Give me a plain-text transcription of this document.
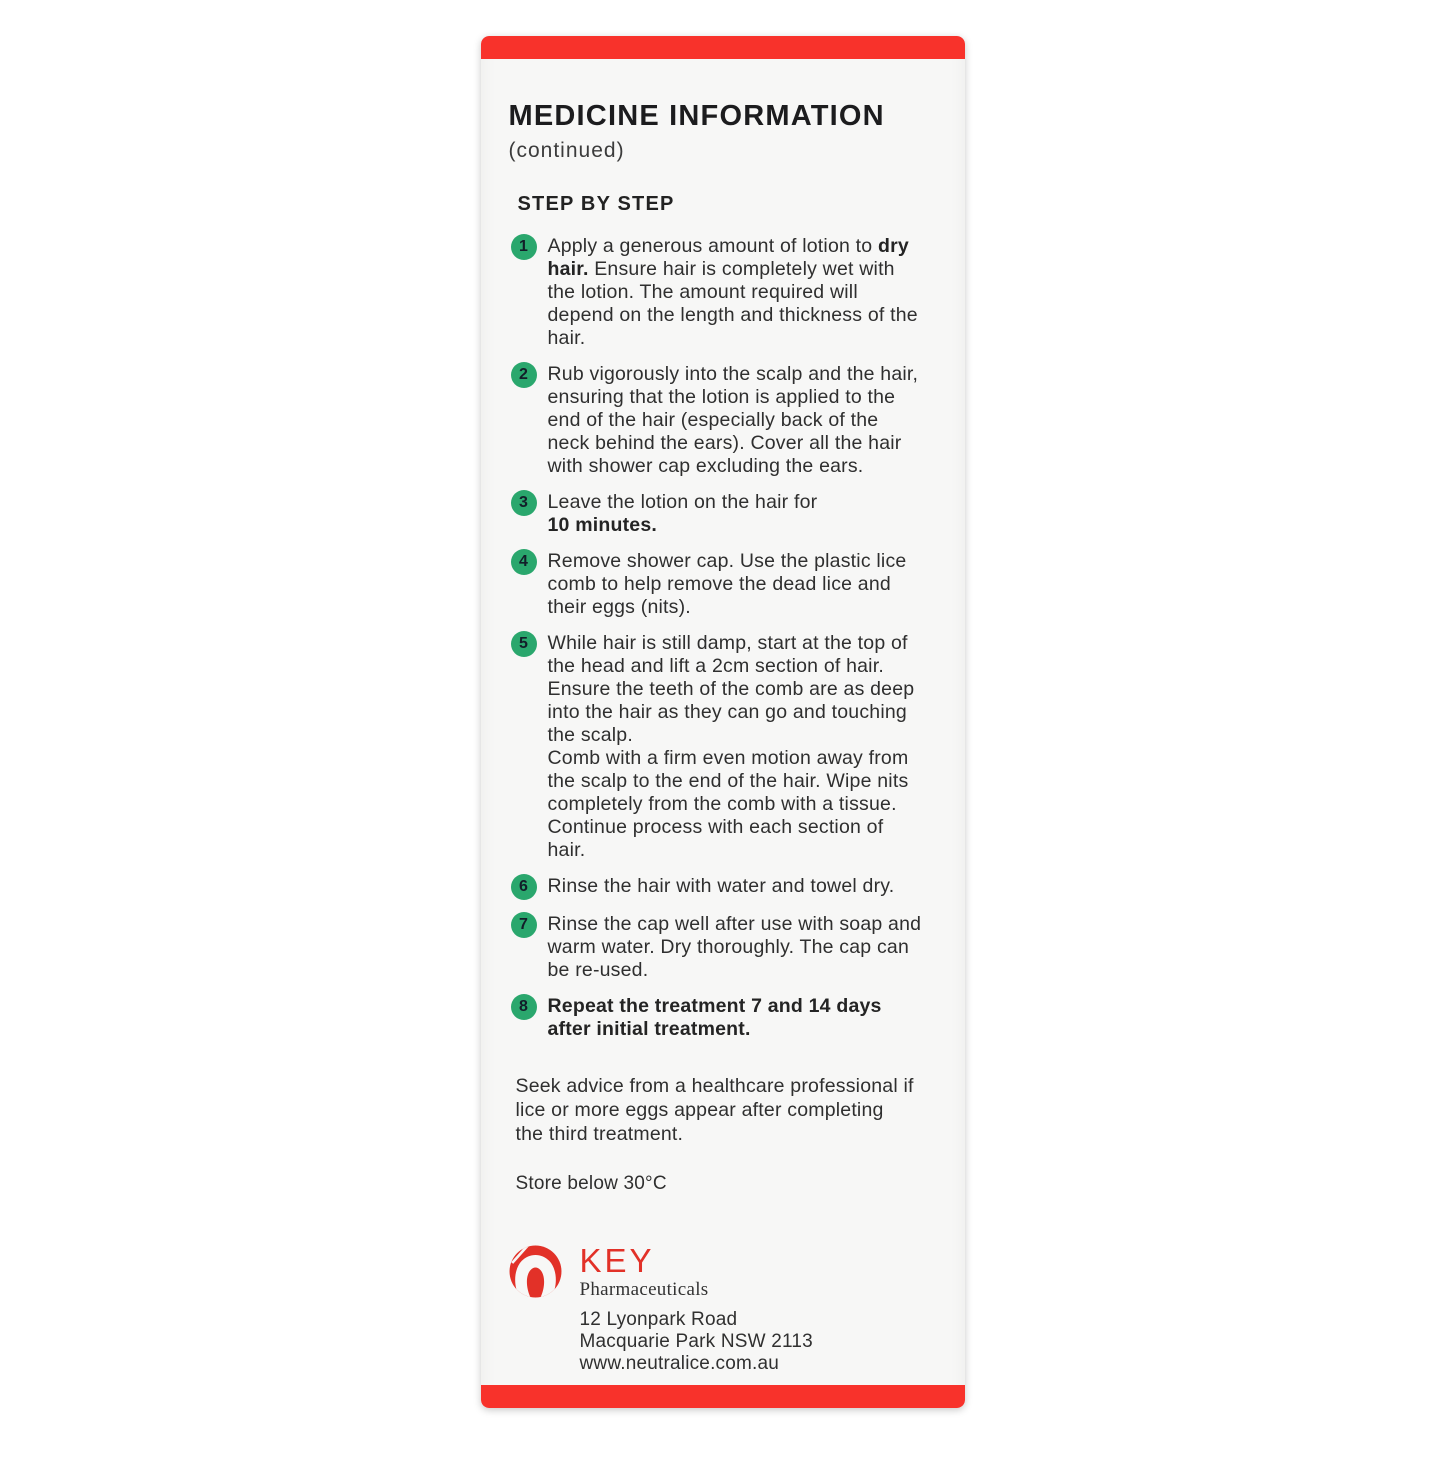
MEDICINE INFORMATION
(continued)
STEP BY STEP
1 Apply a generous amount of lotion to dry hair. Ensure hair is completely wet with the lotion. The amount required will depend on the length and thickness of the hair.
2 Rub vigorously into the scalp and the hair, ensuring that the lotion is applied to the end of the hair (especially back of the neck behind the ears). Cover all the hair with shower cap excluding the ears.
3 Leave the lotion on the hair for
10 minutes.
4 Remove shower cap. Use the plastic lice comb to help remove the dead lice and their eggs (nits).
5 While hair is still damp, start at the top of the head and lift a 2cm section of hair. Ensure the teeth of the comb are as deep into the hair as they can go and touching the scalp.
Comb with a firm even motion away from the scalp to the end of the hair. Wipe nits completely from the comb with a tissue. Continue process with each section of hair.
6 Rinse the hair with water and towel dry.
7 Rinse the cap well after use with soap and warm water. Dry thoroughly. The cap can be re-used.
8 Repeat the treatment 7 and 14 days after initial treatment.

Seek advice from a healthcare professional if lice or more eggs appear after completing the third treatment.

Store below 30°C

KEY
Pharmaceuticals
12 Lyonpark Road
Macquarie Park NSW 2113
www.neutralice.com.au
